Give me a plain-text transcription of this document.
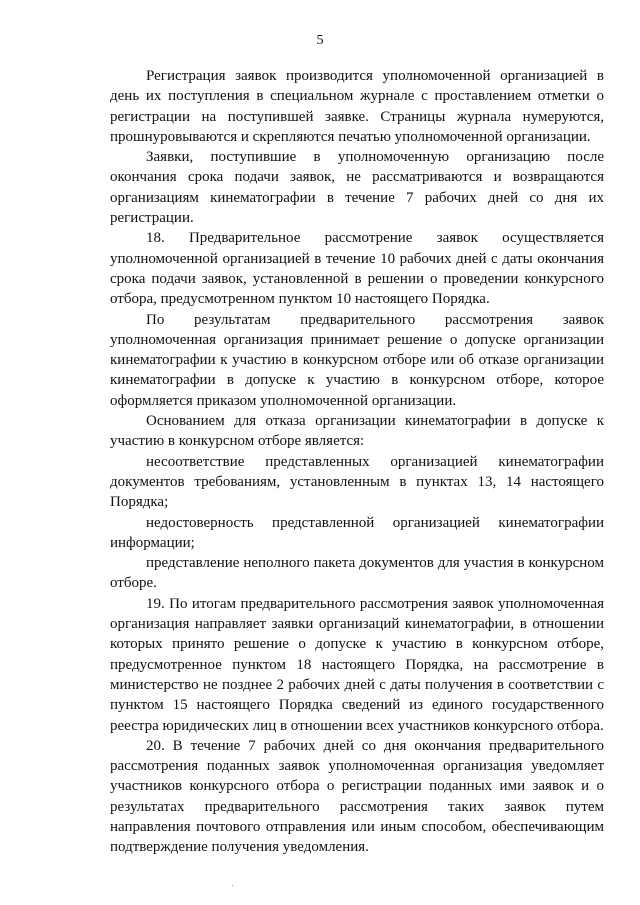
5

Регистрация заявок производится уполномоченной организацией в день их поступления в специальном журнале с проставлением отметки о регистрации на поступившей заявке. Страницы журнала нумеруются, прошнуровываются и скрепляются печатью уполномоченной организации.

Заявки, поступившие в уполномоченную организацию после окончания срока подачи заявок, не рассматриваются и возвращаются организациям кинематографии в течение 7 рабочих дней со дня их регистрации.

18. Предварительное рассмотрение заявок осуществляется уполномоченной организацией в течение 10 рабочих дней с даты окончания срока подачи заявок, установленной в решении о проведении конкурсного отбора, предусмотренном пунктом 10 настоящего Порядка.

По результатам предварительного рассмотрения заявок уполномоченная организация принимает решение о допуске организации кинематографии к участию в конкурсном отборе или об отказе организации кинематографии в допуске к участию в конкурсном отборе, которое оформляется приказом уполномоченной организации.

Основанием для отказа организации кинематографии в допуске к участию в конкурсном отборе является:

несоответствие представленных организацией кинематографии документов требованиям, установленным в пунктах 13, 14 настоящего Порядка;

недостоверность представленной организацией кинематографии информации;

представление неполного пакета документов для участия в конкурсном отборе.

19. По итогам предварительного рассмотрения заявок уполномоченная организация направляет заявки организаций кинематографии, в отношении которых принято решение о допуске к участию в конкурсном отборе, предусмотренное пунктом 18 настоящего Порядка, на рассмотрение в министерство не позднее 2 рабочих дней с даты получения в соответствии с пунктом 15 настоящего Порядка сведений из единого государственного реестра юридических лиц в отношении всех участников конкурсного отбора.

20. В течение 7 рабочих дней со дня окончания предварительного рассмотрения поданных заявок уполномоченная организация уведомляет участников конкурсного отбора о регистрации поданных ими заявок и о результатах предварительного рассмотрения таких заявок путем направления почтового отправления или иным способом, обеспечивающим подтверждение получения уведомления.
